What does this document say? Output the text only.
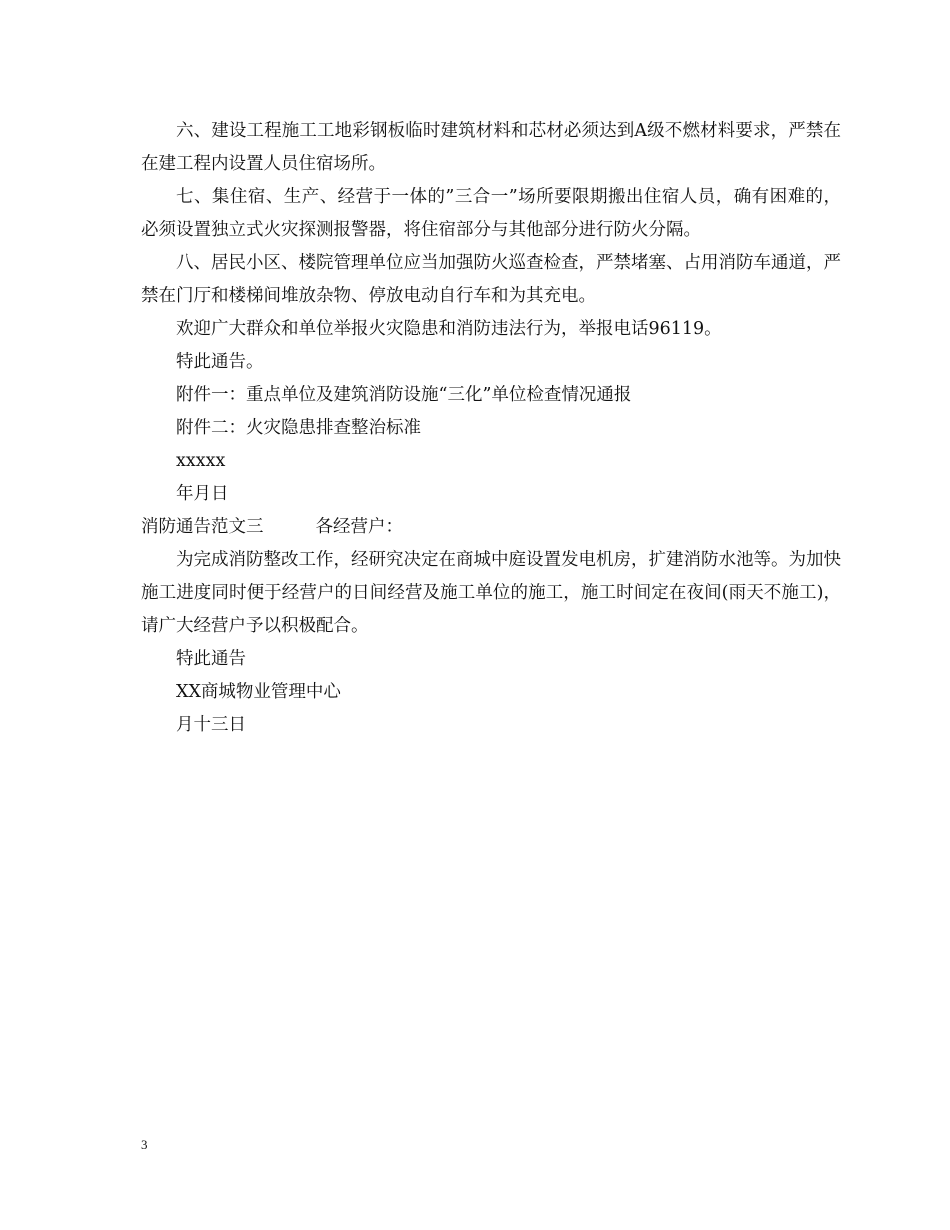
六、建设工程施工工地彩钢板临时建筑材料和芯材必须达到A级不燃材料要求，严禁在在建工程内设置人员住宿场所。

七、集住宿、生产、经营于一体的”三合一”场所要限期搬出住宿人员，确有困难的，必须设置独立式火灾探测报警器，将住宿部分与其他部分进行防火分隔。

八、居民小区、楼院管理单位应当加强防火巡查检查，严禁堵塞、占用消防车通道，严禁在门厅和楼梯间堆放杂物、停放电动自行车和为其充电。

欢迎广大群众和单位举报火灾隐患和消防违法行为，举报电话96119。

特此通告。

附件一：重点单位及建筑消防设施“三化”单位检查情况通报

附件二：火灾隐患排查整治标准

xxxxx

年月日

消防通告范文三	各经营户：

为完成消防整改工作，经研究决定在商城中庭设置发电机房，扩建消防水池等。为加快施工进度同时便于经营户的日间经营及施工单位的施工，施工时间定在夜间(雨天不施工)，请广大经营户予以积极配合。

特此通告

XX商城物业管理中心

月十三日

3
